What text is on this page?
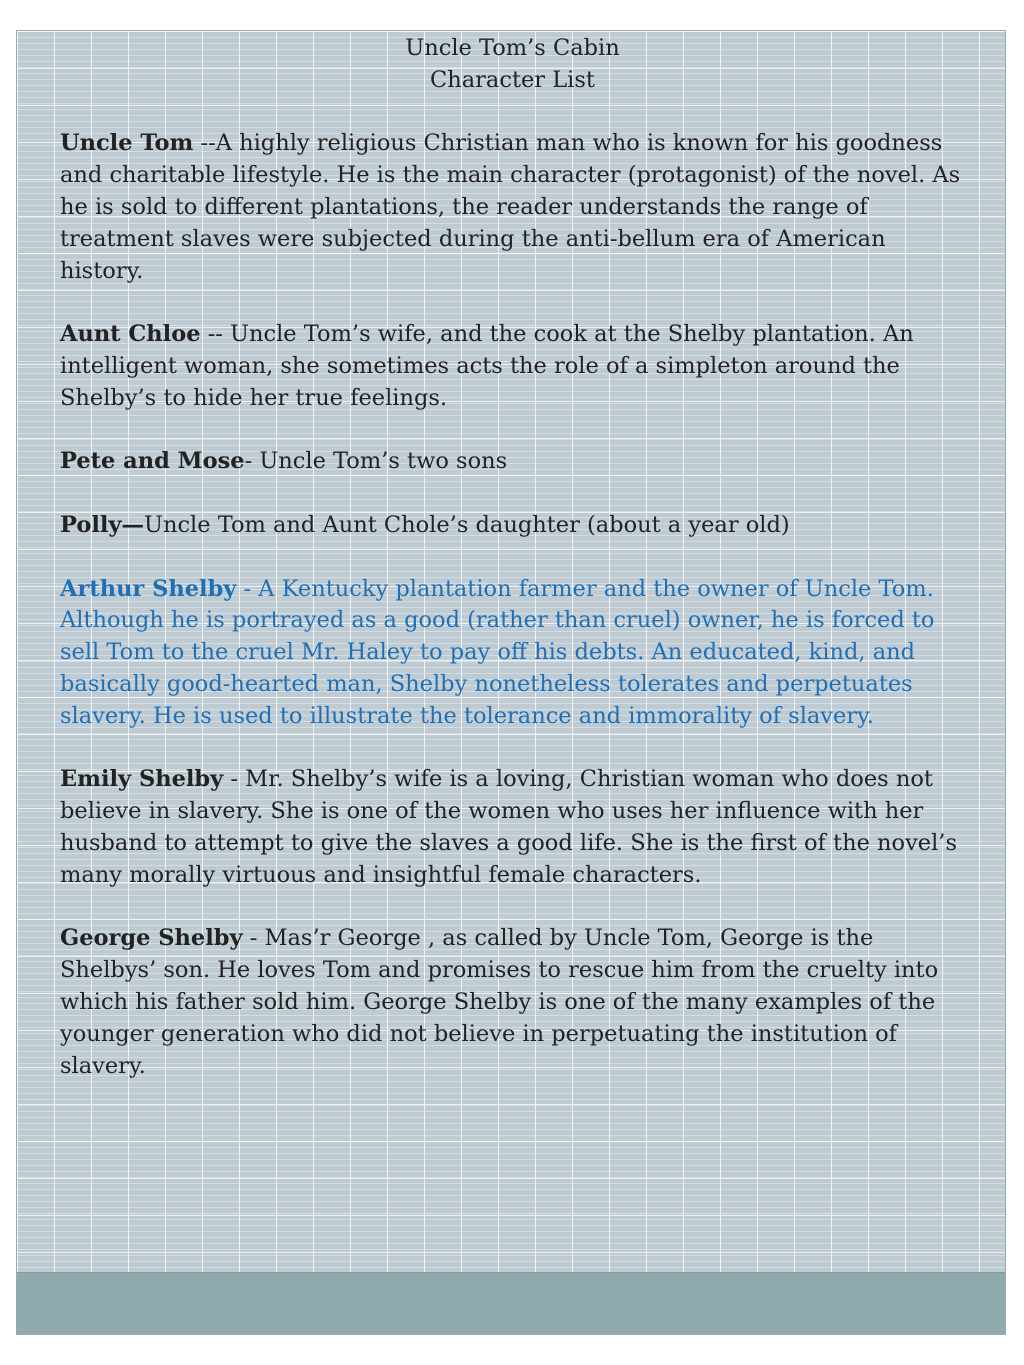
Uncle Tom’s Cabin
Character List
Uncle Tom --A highly religious Christian man who is known for his goodness and charitable lifestyle. He is the main character (protagonist) of the novel. As he is sold to different plantations, the reader understands the range of treatment slaves were subjected during the anti-bellum era of American history.
Aunt Chloe -- Uncle Tom’s wife, and the cook at the Shelby plantation. An intelligent woman, she sometimes acts the role of a simpleton around the Shelby’s to hide her true feelings.
Pete and Mose- Uncle Tom’s two sons
Polly—Uncle Tom and Aunt Chole’s daughter (about a year old)
Arthur Shelby - A Kentucky plantation farmer and the owner of Uncle Tom. Although he is portrayed as a good (rather than cruel) owner, he is forced to sell Tom to the cruel Mr. Haley to pay off his debts. An educated, kind, and basically good-hearted man, Shelby nonetheless tolerates and perpetuates slavery. He is used to illustrate the tolerance and immorality of slavery.
Emily Shelby - Mr. Shelby’s wife is a loving, Christian woman who does not believe in slavery. She is one of the women who uses her influence with her husband to attempt to give the slaves a good life. She is the first of the novel’s many morally virtuous and insightful female characters.
George Shelby - Mas’r George , as called by Uncle Tom, George is the Shelbys’ son. He loves Tom and promises to rescue him from the cruelty into which his father sold him. George Shelby is one of the many examples of the younger generation who did not believe in perpetuating the institution of slavery.
